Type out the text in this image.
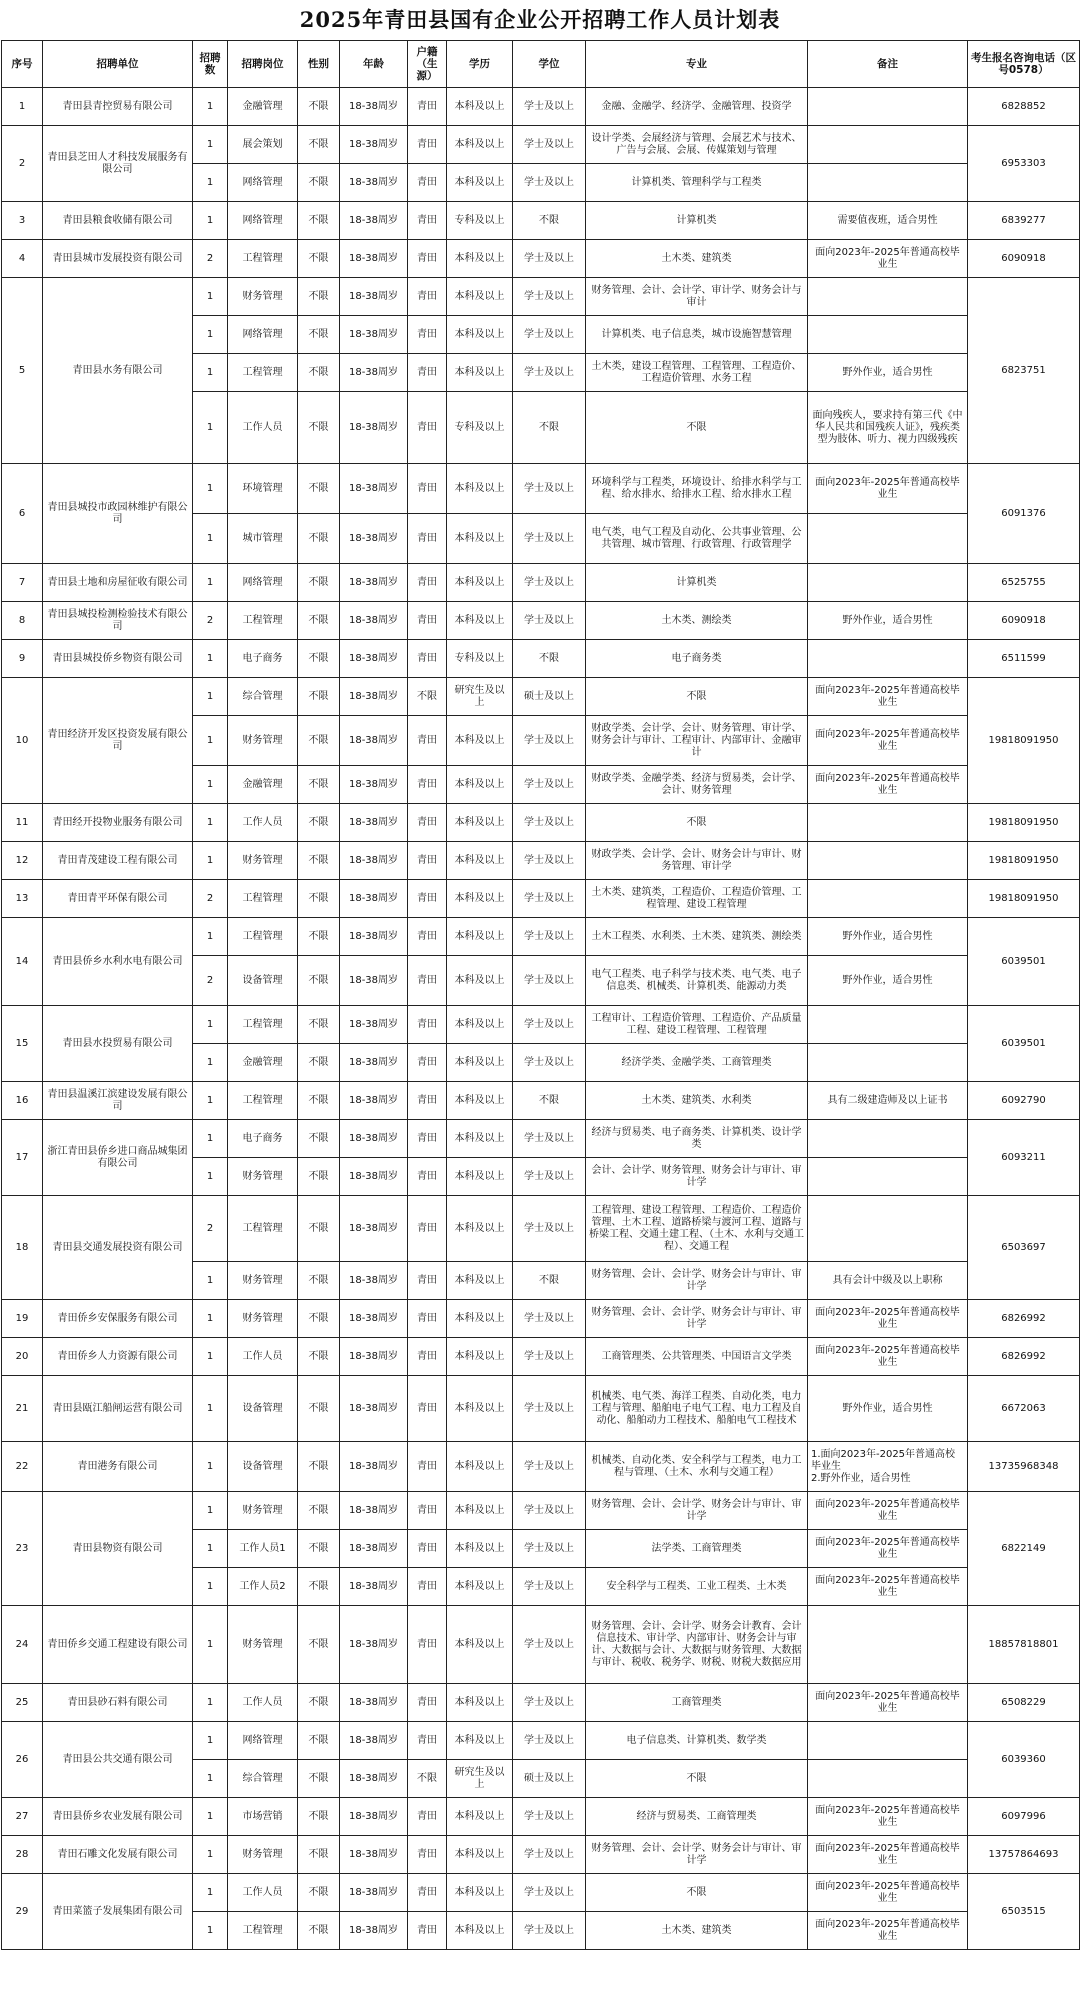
2025年青田县国有企业公开招聘工作人员计划表
序号	招聘单位	招聘数	招聘岗位	性别	年龄	户籍（生源）	学历	学位	专业	备注	考生报名咨询电话（区号0578）
1	青田县青控贸易有限公司	1	金融管理	不限	18-38周岁	青田	本科及以上	学士及以上	金融、金融学、经济学、金融管理、投资学		6828852
2	青田县芝田人才科技发展服务有限公司	1	展会策划	不限	18-38周岁	青田	本科及以上	学士及以上	设计学类、会展经济与管理、会展艺术与技术、广告与会展、会展、传媒策划与管理		6953303
		1	网络管理	不限	18-38周岁	青田	本科及以上	学士及以上	计算机类、管理科学与工程类		
3	青田县粮食收储有限公司	1	网络管理	不限	18-38周岁	青田	专科及以上	不限	计算机类	需要值夜班，适合男性	6839277
4	青田县城市发展投资有限公司	2	工程管理	不限	18-38周岁	青田	本科及以上	学士及以上	土木类、建筑类	面向2023年-2025年普通高校毕业生	6090918
5	青田县水务有限公司	1	财务管理	不限	18-38周岁	青田	本科及以上	学士及以上	财务管理、会计、会计学、审计学、财务会计与审计		6823751
		1	网络管理	不限	18-38周岁	青田	本科及以上	学士及以上	计算机类、电子信息类，城市设施智慧管理		
		1	工程管理	不限	18-38周岁	青田	本科及以上	学士及以上	土木类，建设工程管理、工程管理、工程造价、工程造价管理、水务工程	野外作业，适合男性	
		1	工作人员	不限	18-38周岁	青田	专科及以上	不限	不限	面向残疾人，要求持有第三代《中华人民共和国残疾人证》，残疾类型为肢体、听力、视力四级残疾	
6	青田县城投市政园林维护有限公司	1	环境管理	不限	18-38周岁	青田	本科及以上	学士及以上	环境科学与工程类，环境设计、给排水科学与工程、给水排水、给排水工程、给水排水工程	面向2023年-2025年普通高校毕业生	6091376
		1	城市管理	不限	18-38周岁	青田	本科及以上	学士及以上	电气类，电气工程及自动化、公共事业管理、公共管理、城市管理、行政管理、行政管理学		
7	青田县土地和房屋征收有限公司	1	网络管理	不限	18-38周岁	青田	本科及以上	学士及以上	计算机类		6525755
8	青田县城投检测检验技术有限公司	2	工程管理	不限	18-38周岁	青田	本科及以上	学士及以上	土木类、测绘类	野外作业，适合男性	6090918
9	青田县城投侨乡物资有限公司	1	电子商务	不限	18-38周岁	青田	专科及以上	不限	电子商务类		6511599
10	青田经济开发区投资发展有限公司	1	综合管理	不限	18-38周岁	不限	研究生及以上	硕士及以上	不限	面向2023年-2025年普通高校毕业生	19818091950
		1	财务管理	不限	18-38周岁	青田	本科及以上	学士及以上	财政学类、会计学、会计、财务管理、审计学、财务会计与审计、工程审计、内部审计、金融审计	面向2023年-2025年普通高校毕业生	
		1	金融管理	不限	18-38周岁	青田	本科及以上	学士及以上	财政学类、金融学类、经济与贸易类，会计学、会计、财务管理	面向2023年-2025年普通高校毕业生	
11	青田经开投物业服务有限公司	1	工作人员	不限	18-38周岁	青田	本科及以上	学士及以上	不限		19818091950
12	青田青茂建设工程有限公司	1	财务管理	不限	18-38周岁	青田	本科及以上	学士及以上	财政学类、会计学、会计、财务会计与审计、财务管理、审计学		19818091950
13	青田青平环保有限公司	2	工程管理	不限	18-38周岁	青田	本科及以上	学士及以上	土木类、建筑类，工程造价、工程造价管理、工程管理、建设工程管理		19818091950
14	青田县侨乡水利水电有限公司	1	工程管理	不限	18-38周岁	青田	本科及以上	学士及以上	土木工程类、水利类、土木类、建筑类、测绘类	野外作业，适合男性	6039501
		2	设备管理	不限	18-38周岁	青田	本科及以上	学士及以上	电气工程类、电子科学与技术类、电气类、电子信息类、机械类、计算机类、能源动力类	野外作业，适合男性	
15	青田县水投贸易有限公司	1	工程管理	不限	18-38周岁	青田	本科及以上	学士及以上	工程审计、工程造价管理、工程造价、产品质量工程、建设工程管理、工程管理		6039501
		1	金融管理	不限	18-38周岁	青田	本科及以上	学士及以上	经济学类、金融学类、工商管理类		
16	青田县温溪江滨建设发展有限公司	1	工程管理	不限	18-38周岁	青田	本科及以上	不限	土木类、建筑类、水利类	具有二级建造师及以上证书	6092790
17	浙江青田县侨乡进口商品城集团有限公司	1	电子商务	不限	18-38周岁	青田	本科及以上	学士及以上	经济与贸易类、电子商务类、计算机类、设计学类		6093211
		1	财务管理	不限	18-38周岁	青田	本科及以上	学士及以上	会计、会计学、财务管理、财务会计与审计、审计学		
18	青田县交通发展投资有限公司	2	工程管理	不限	18-38周岁	青田	本科及以上	学士及以上	工程管理、建设工程管理、工程造价、工程造价管理、土木工程、道路桥梁与渡河工程、道路与桥梁工程、交通土建工程、（土木、水利与交通工程）、交通工程		6503697
		1	财务管理	不限	18-38周岁	青田	本科及以上	不限	财务管理、会计、会计学、财务会计与审计、审计学	具有会计中级及以上职称	
19	青田侨乡安保服务有限公司	1	财务管理	不限	18-38周岁	青田	本科及以上	学士及以上	财务管理、会计、会计学、财务会计与审计、审计学	面向2023年-2025年普通高校毕业生	6826992
20	青田侨乡人力资源有限公司	1	工作人员	不限	18-38周岁	青田	本科及以上	学士及以上	工商管理类、公共管理类、中国语言文学类	面向2023年-2025年普通高校毕业生	6826992
21	青田县瓯江船闸运营有限公司	1	设备管理	不限	18-38周岁	青田	本科及以上	学士及以上	机械类、电气类、海洋工程类、自动化类，电力工程与管理、船舶电子电气工程、电力工程及自动化、船舶动力工程技术、船舶电气工程技术	野外作业，适合男性	6672063
22	青田港务有限公司	1	设备管理	不限	18-38周岁	青田	本科及以上	学士及以上	机械类、自动化类、安全科学与工程类，电力工程与管理、（土木、水利与交通工程）	1.面向2023年-2025年普通高校毕业生
2.野外作业，适合男性	13735968348
23	青田县物资有限公司	1	财务管理	不限	18-38周岁	青田	本科及以上	学士及以上	财务管理、会计、会计学、财务会计与审计、审计学	面向2023年-2025年普通高校毕业生	6822149
		1	工作人员1	不限	18-38周岁	青田	本科及以上	学士及以上	法学类、工商管理类	面向2023年-2025年普通高校毕业生	
		1	工作人员2	不限	18-38周岁	青田	本科及以上	学士及以上	安全科学与工程类、工业工程类、土木类	面向2023年-2025年普通高校毕业生	
24	青田侨乡交通工程建设有限公司	1	财务管理	不限	18-38周岁	青田	本科及以上	学士及以上	财务管理、会计、会计学、财务会计教育、会计信息技术、审计学、内部审计、财务会计与审计、大数据与会计、大数据与财务管理、大数据与审计、税收、税务学、财税、财税大数据应用		18857818801
25	青田县砂石料有限公司	1	工作人员	不限	18-38周岁	青田	本科及以上	学士及以上	工商管理类	面向2023年-2025年普通高校毕业生	6508229
26	青田县公共交通有限公司	1	网络管理	不限	18-38周岁	青田	本科及以上	学士及以上	电子信息类、计算机类、数学类		6039360
		1	综合管理	不限	18-38周岁	不限	研究生及以上	硕士及以上	不限		
27	青田县侨乡农业发展有限公司	1	市场营销	不限	18-38周岁	青田	本科及以上	学士及以上	经济与贸易类、工商管理类	面向2023年-2025年普通高校毕业生	6097996
28	青田石雕文化发展有限公司	1	财务管理	不限	18-38周岁	青田	本科及以上	学士及以上	财务管理、会计、会计学、财务会计与审计、审计学	面向2023年-2025年普通高校毕业生	13757864693
29	青田菜篮子发展集团有限公司	1	工作人员	不限	18-38周岁	青田	本科及以上	学士及以上	不限	面向2023年-2025年普通高校毕业生	6503515
		1	工程管理	不限	18-38周岁	青田	本科及以上	学士及以上	土木类、建筑类	面向2023年-2025年普通高校毕业生	
